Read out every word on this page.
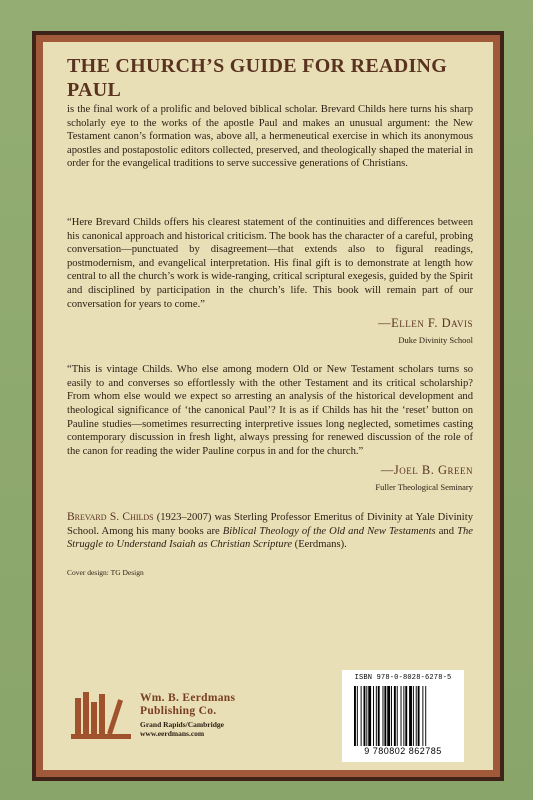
THE CHURCH’S GUIDE FOR READING PAUL

is the final work of a prolific and beloved biblical scholar. Brevard Childs here turns his sharp scholarly eye to the works of the apostle Paul and makes an unusual argument: the New Testament canon’s formation was, above all, a hermeneutical exercise in which its anonymous apostles and postapostolic editors collected, preserved, and theologically shaped the material in order for the evangelical traditions to serve successive generations of Christians.

“Here Brevard Childs offers his clearest statement of the continuities and differences between his canonical approach and historical criticism. The book has the character of a careful, probing conversation—punctuated by disagreement—that extends also to figural readings, postmodernism, and evangelical interpretation. His final gift is to demonstrate at length how central to all the church’s work is wide-ranging, critical scriptural exegesis, guided by the Spirit and disciplined by participation in the church’s life. This book will remain part of our conversation for years to come.”

—Ellen F. Davis
Duke Divinity School

“This is vintage Childs. Who else among modern Old or New Testament scholars turns so easily to and converses so effortlessly with the other Testament and its critical scholarship? From whom else would we expect so arresting an analysis of the historical development and theological significance of ‘the canonical Paul’? It is as if Childs has hit the ‘reset’ button on Pauline studies—sometimes resurrecting interpretive issues long neglected, sometimes casting contemporary discussion in fresh light, always pressing for renewed discussion of the role of the canon for reading the wider Pauline corpus in and for the church.”

—Joel B. Green
Fuller Theological Seminary

Brevard S. Childs (1923–2007) was Sterling Professor Emeritus of Divinity at Yale Divinity School. Among his many books are Biblical Theology of the Old and New Testaments and The Struggle to Understand Isaiah as Christian Scripture (Eerdmans).

Cover design: TG Design

Wm. B. Eerdmans
Publishing Co.
Grand Rapids/Cambridge
www.eerdmans.com
ISBN 978-0-8028-6278-5
9 780802 862785
